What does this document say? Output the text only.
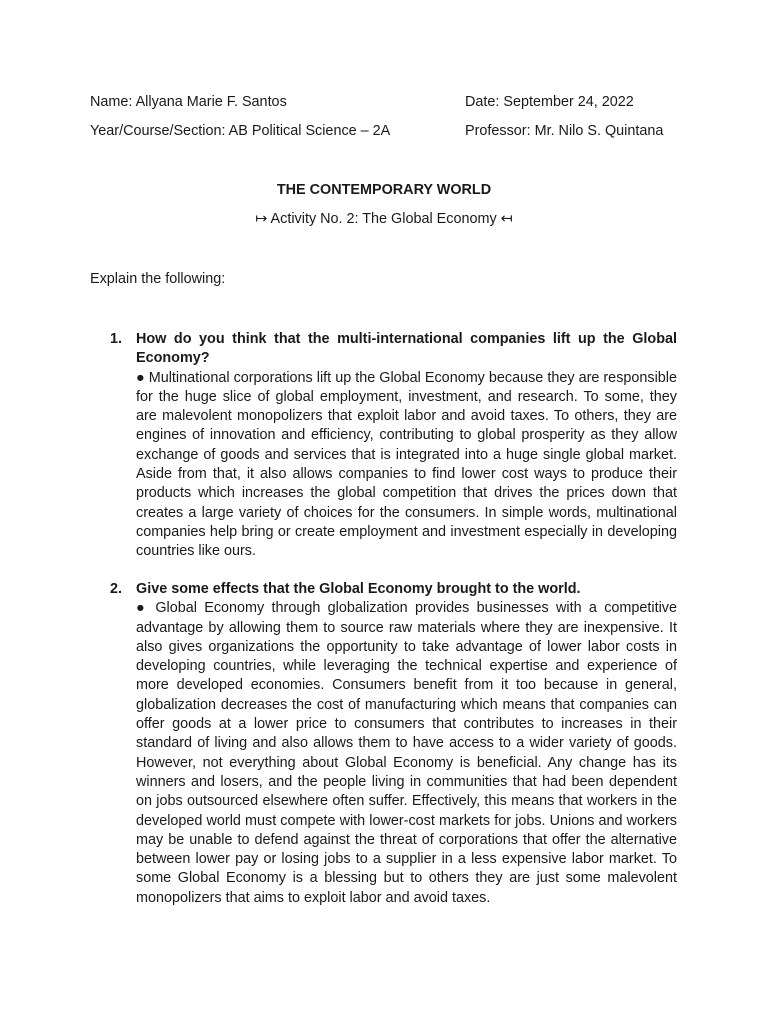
Name: Allyana Marie F. Santos	Date: September 24, 2022
Year/Course/Section: AB Political Science – 2A	Professor: Mr. Nilo S. Quintana
THE CONTEMPORARY WORLD
↦ Activity No. 2: The Global Economy ↤
Explain the following:
1. How do you think that the multi-international companies lift up the Global Economy?

● Multinational corporations lift up the Global Economy because they are responsible for the huge slice of global employment, investment, and research. To some, they are malevolent monopolizers that exploit labor and avoid taxes. To others, they are engines of innovation and efficiency, contributing to global prosperity as they allow exchange of goods and services that is integrated into a huge single global market. Aside from that, it also allows companies to find lower cost ways to produce their products which increases the global competition that drives the prices down that creates a large variety of choices for the consumers. In simple words, multinational companies help bring or create employment and investment especially in developing countries like ours.

2. Give some effects that the Global Economy brought to the world.

● Global Economy through globalization provides businesses with a competitive advantage by allowing them to source raw materials where they are inexpensive. It also gives organizations the opportunity to take advantage of lower labor costs in developing countries, while leveraging the technical expertise and experience of more developed economies. Consumers benefit from it too because in general, globalization decreases the cost of manufacturing which means that companies can offer goods at a lower price to consumers that contributes to increases in their standard of living and also allows them to have access to a wider variety of goods. However, not everything about Global Economy is beneficial. Any change has its winners and losers, and the people living in communities that had been dependent on jobs outsourced elsewhere often suffer. Effectively, this means that workers in the developed world must compete with lower-cost markets for jobs. Unions and workers may be unable to defend against the threat of corporations that offer the alternative between lower pay or losing jobs to a supplier in a less expensive labor market. To some Global Economy is a blessing but to others they are just some malevolent monopolizers that aims to exploit labor and avoid taxes.
